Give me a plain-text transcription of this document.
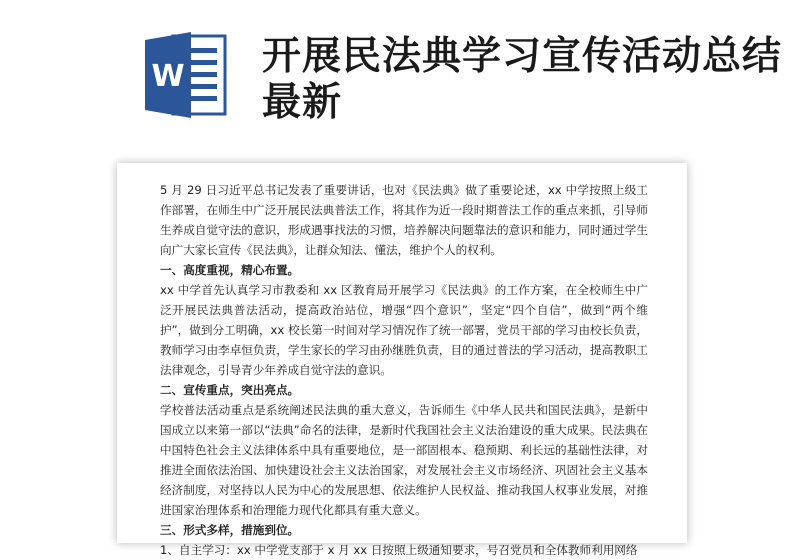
W 开展民法典学习宣传活动总结最新

5 月 29 日习近平总书记发表了重要讲话，也对《民法典》做了重要论述，xx 中学按照上级工作部署，在师生中广泛开展民法典普法工作，将其作为近一段时期普法工作的重点来抓，引导师生养成自觉守法的意识，形成遇事找法的习惯，培养解决问题靠法的意识和能力，同时通过学生向广大家长宣传《民法典》，让群众知法、懂法，维护个人的权利。

一、高度重视，精心布置。

xx 中学首先认真学习市教委和 xx 区教育局开展学习《民法典》的工作方案，在全校师生中广泛开展民法典普法活动，提高政治站位，增强“四个意识”，坚定“四个自信”，做到“两个维护”，做到分工明确，xx 校长第一时间对学习情况作了统一部署，党员干部的学习由校长负责，教师学习由李卓恒负责，学生家长的学习由孙继胜负责，目的通过普法的学习活动，提高教职工法律观念，引导青少年养成自觉守法的意识。

二、宣传重点，突出亮点。

学校普法活动重点是系统阐述民法典的重大意义，告诉师生《中华人民共和国民法典》，是新中国成立以来第一部以“法典”命名的法律，是新时代我国社会主义法治建设的重大成果。民法典在中国特色社会主义法律体系中具有重要地位，是一部固根本、稳预期、利长远的基础性法律，对推进全面依法治国、加快建设社会主义法治国家，对发展社会主义市场经济、巩固社会主义基本经济制度，对坚持以人民为中心的发展思想、依法维护人民权益、推动我国人权事业发展，对推进国家治理体系和治理能力现代化都具有重大意义。

三、形式多样，措施到位。

1、自主学习：xx 中学党支部于 x 月 xx 日按照上级通知要求，号召党员和全体教师利用网络
